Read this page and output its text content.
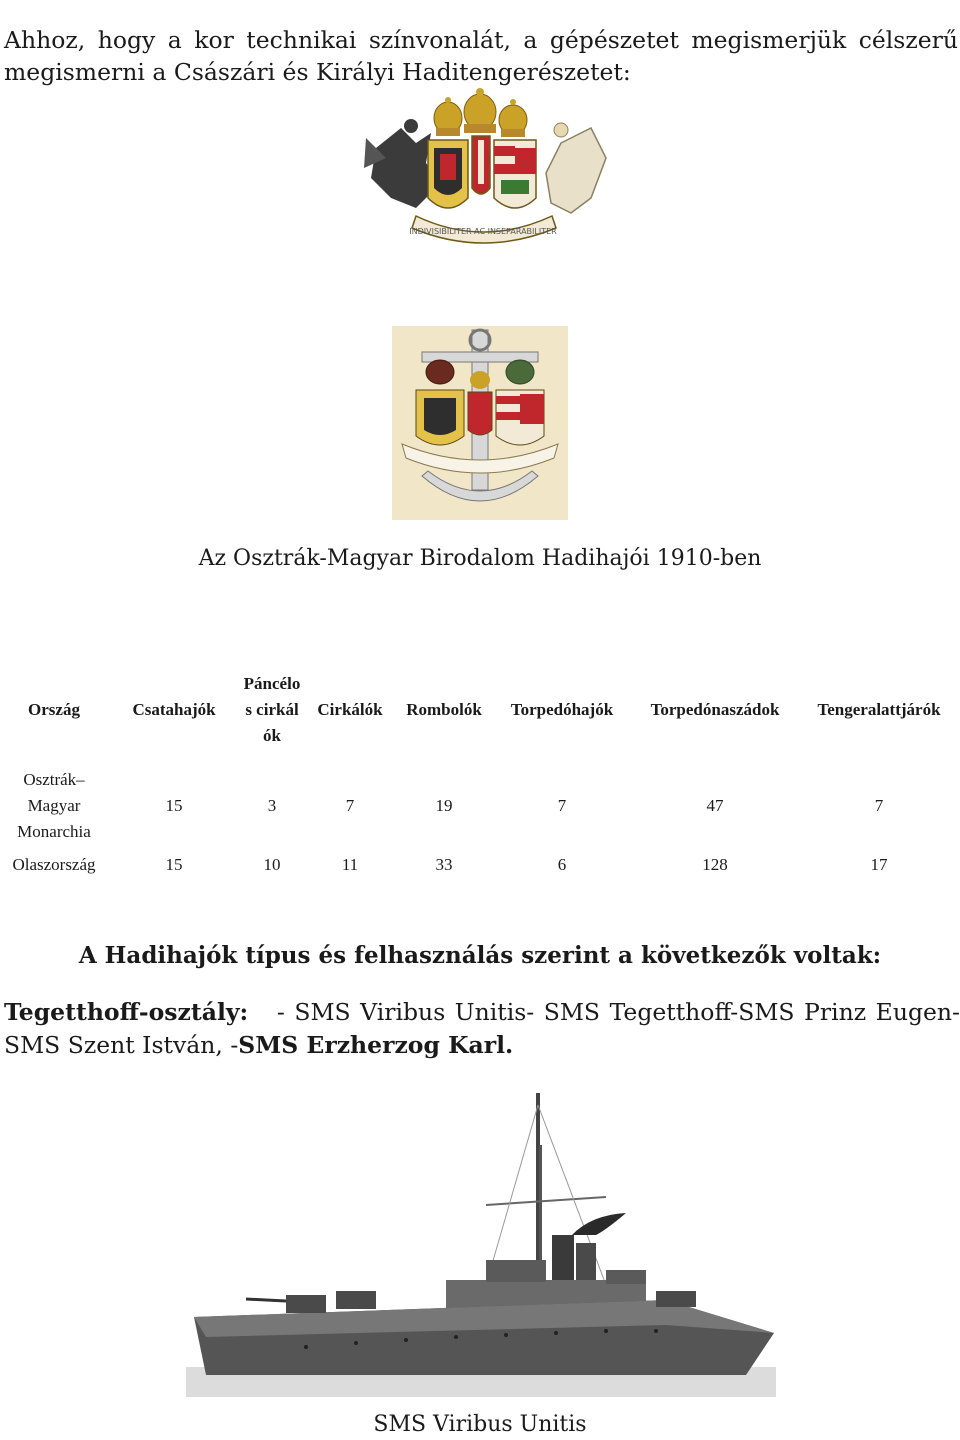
Ahhoz, hogy a kor technikai színvonalát, a gépészetet megismerjük célszerű megismerni a Császári és Királyi Haditengerészetet:

INDIVISIBILITER AC INSEPARABILITER
Az Osztrák-Magyar Birodalom Hadihajói 1910-ben
Ország	Csatahajók	Páncélos cirkálók	Cirkálók	Rombolók	Torpedóhajók	Torpedónaszádok	Tengeralattjárók

Osztrák–Magyar Monarchia	15	3	7	19	7	47	7
Olaszország	15	10	11	33	6	128	17
A Hadihajók típus és felhasználás szerint a következők voltak:

Tegetthoff-osztály: - SMS Viribus Unitis- SMS Tegetthoff-SMS Prinz Eugen- SMS Szent István, -SMS Erzherzog Karl.

SMS Viribus Unitis
